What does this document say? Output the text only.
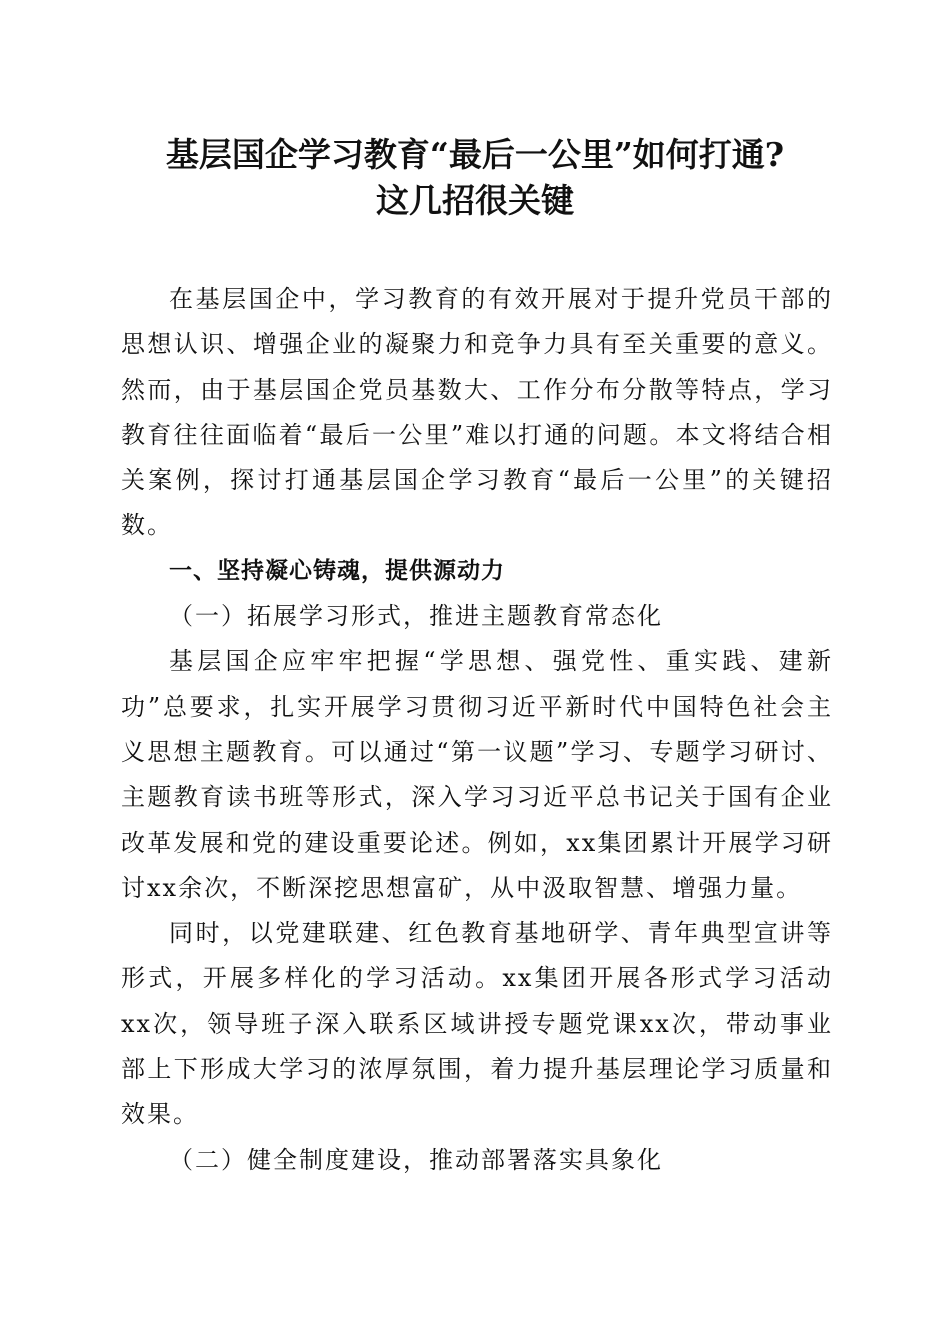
基层国企学习教育“最后一公里”如何打通?
这几招很关键

在基层国企中，学习教育的有效开展对于提升党员干部的思想认识、增强企业的凝聚力和竞争力具有至关重要的意义。然而，由于基层国企党员基数大、工作分布分散等特点，学习教育往往面临着“最后一公里”难以打通的问题。本文将结合相关案例，探讨打通基层国企学习教育“最后一公里”的关键招数。

一、坚持凝心铸魂，提供源动力

（一）拓展学习形式，推进主题教育常态化

基层国企应牢牢把握“学思想、强党性、重实践、建新功”总要求，扎实开展学习贯彻习近平新时代中国特色社会主义思想主题教育。可以通过“第一议题”学习、专题学习研讨、主题教育读书班等形式，深入学习习近平总书记关于国有企业改革发展和党的建设重要论述。例如，xx集团累计开展学习研讨xx余次，不断深挖思想富矿，从中汲取智慧、增强力量。

同时，以党建联建、红色教育基地研学、青年典型宣讲等形式，开展多样化的学习活动。xx集团开展各形式学习活动xx次，领导班子深入联系区域讲授专题党课xx次，带动事业部上下形成大学习的浓厚氛围，着力提升基层理论学习质量和效果。

（二）健全制度建设，推动部署落实具象化
